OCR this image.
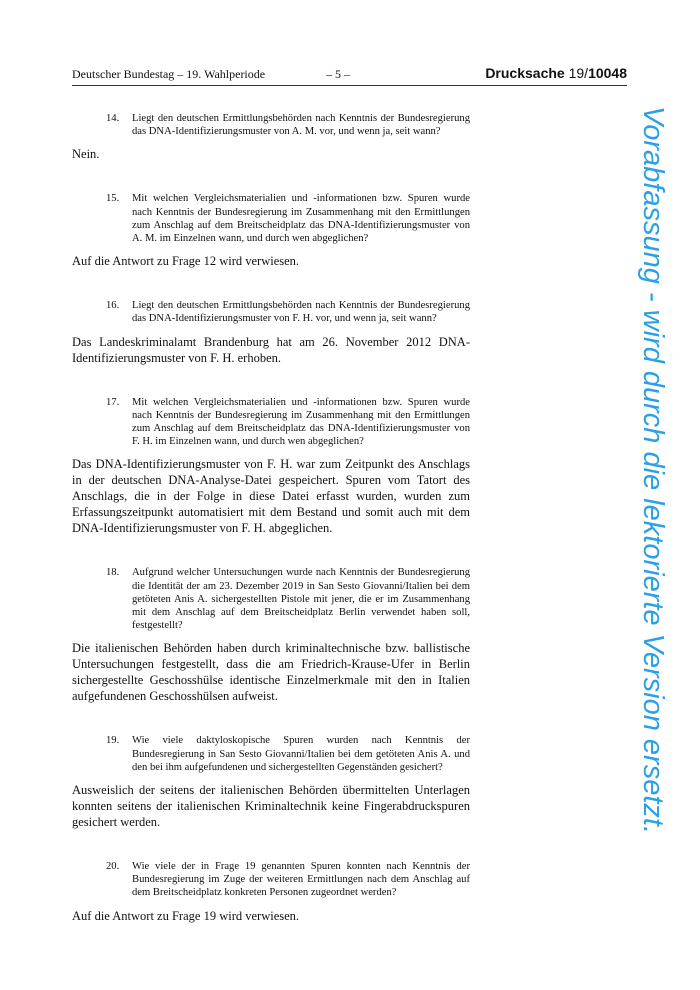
Deutscher Bundestag – 19. Wahlperiode	– 5 –	Drucksache 19/10048
14.	Liegt den deutschen Ermittlungsbehörden nach Kenntnis der Bundesregierung das DNA-Identifizierungsmuster von A. M. vor, und wenn ja, seit wann?
Nein.
15.	Mit welchen Vergleichsmaterialien und -informationen bzw. Spuren wurde nach Kenntnis der Bundesregierung im Zusammenhang mit den Ermittlungen zum Anschlag auf dem Breitscheidplatz das DNA-Identifizierungsmuster von A. M. im Einzelnen wann, und durch wen abgeglichen?
Auf die Antwort zu Frage 12 wird verwiesen.
16.	Liegt den deutschen Ermittlungsbehörden nach Kenntnis der Bundesregierung das DNA-Identifizierungsmuster von F. H. vor, und wenn ja, seit wann?
Das Landeskriminalamt Brandenburg hat am 26. November 2012 DNA-Identifizierungsmuster von F. H. erhoben.
17.	Mit welchen Vergleichsmaterialien und -informationen bzw. Spuren wurde nach Kenntnis der Bundesregierung im Zusammenhang mit den Ermittlungen zum Anschlag auf dem Breitscheidplatz das DNA-Identifizierungsmuster von F. H. im Einzelnen wann, und durch wen abgeglichen?
Das DNA-Identifizierungsmuster von F. H. war zum Zeitpunkt des Anschlags in der deutschen DNA-Analyse-Datei gespeichert. Spuren vom Tatort des Anschlags, die in der Folge in diese Datei erfasst wurden, wurden zum Erfassungszeitpunkt automatisiert mit dem Bestand und somit auch mit dem DNA-Identifizierungsmuster von F. H. abgeglichen.
18.	Aufgrund welcher Untersuchungen wurde nach Kenntnis der Bundesregierung die Identität der am 23. Dezember 2019 in San Sesto Giovanni/Italien bei dem getöteten Anis A. sichergestellten Pistole mit jener, die er im Zusammenhang mit dem Anschlag auf dem Breitscheidplatz Berlin verwendet haben soll, festgestellt?
Die italienischen Behörden haben durch kriminaltechnische bzw. ballistische Untersuchungen festgestellt, dass die am Friedrich-Krause-Ufer in Berlin sichergestellte Geschosshülse identische Einzelmerkmale mit den in Italien aufgefundenen Geschosshülsen aufweist.
19.	Wie viele daktyloskopische Spuren wurden nach Kenntnis der Bundesregierung in San Sesto Giovanni/Italien bei dem getöteten Anis A. und den bei ihm aufgefundenen und sichergestellten Gegenständen gesichert?
Ausweislich der seitens der italienischen Behörden übermittelten Unterlagen konnten seitens der italienischen Kriminaltechnik keine Fingerabdruckspuren gesichert werden.
20.	Wie viele der in Frage 19 genannten Spuren konnten nach Kenntnis der Bundesregierung im Zuge der weiteren Ermittlungen nach dem Anschlag auf dem Breitscheidplatz konkreten Personen zugeordnet werden?
Auf die Antwort zu Frage 19 wird verwiesen.
Vorabfassung - wird durch die lektorierte Version ersetzt.
